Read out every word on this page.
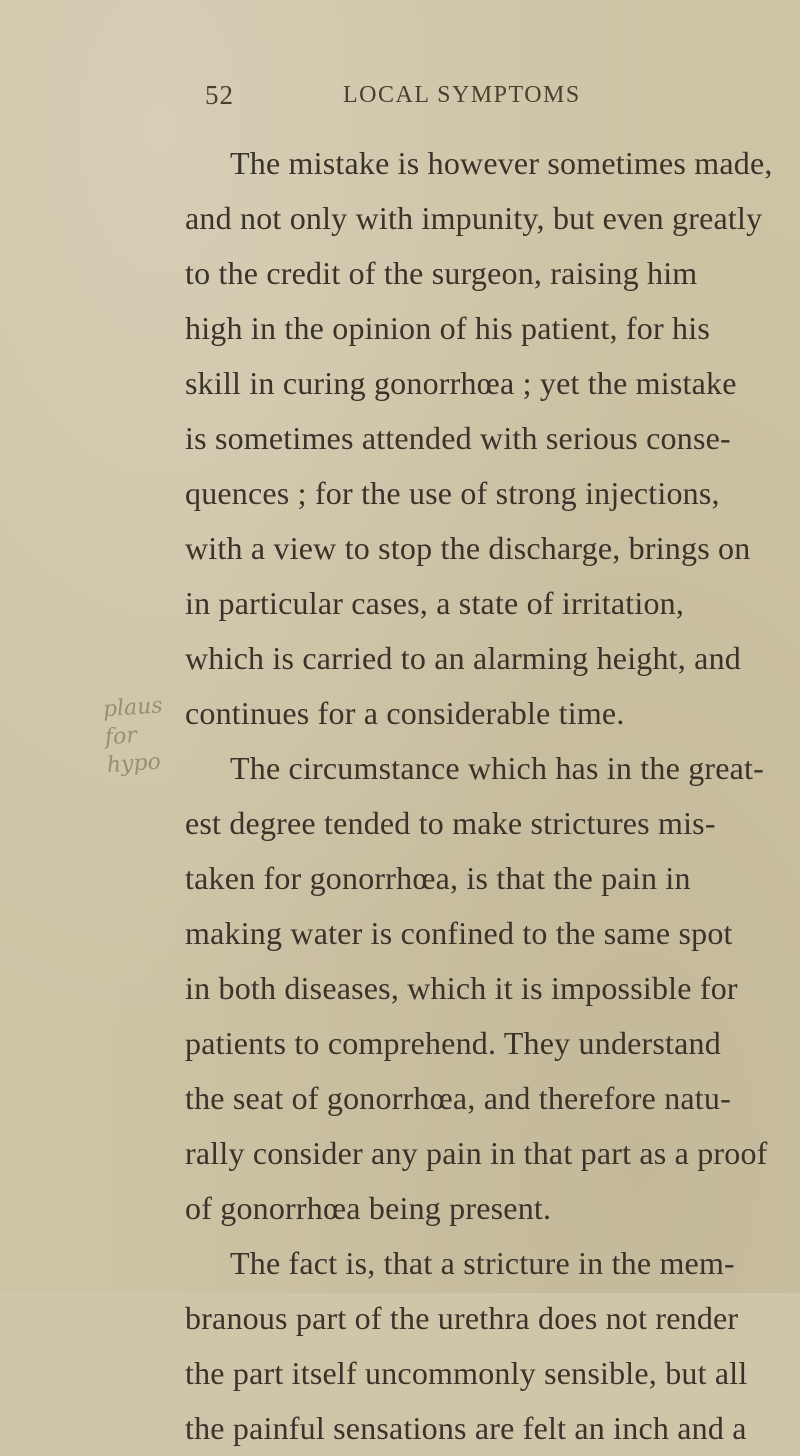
52	LOCAL SYMPTOMS
plaus
for
hypo
The mistake is however sometimes made,
and not only with impunity, but even greatly
to the credit of the surgeon, raising him
high in the opinion of his patient, for his
skill in curing gonorrhœa ; yet the mistake
is sometimes attended with serious conse-
quences ; for the use of strong injections,
with a view to stop the discharge, brings on
in particular cases, a state of irritation,
which is carried to an alarming height, and
continues for a considerable time.
The circumstance which has in the great-
est degree tended to make strictures mis-
taken for gonorrhœa, is that the pain in
making water is confined to the same spot
in both diseases, which it is impossible for
patients to comprehend. They understand
the seat of gonorrhœa, and therefore natu-
rally consider any pain in that part as a proof
of gonorrhœa being present.
The fact is, that a stricture in the mem-
branous part of the urethra does not render
the part itself uncommonly sensible, but all
the painful sensations are felt an inch and a
